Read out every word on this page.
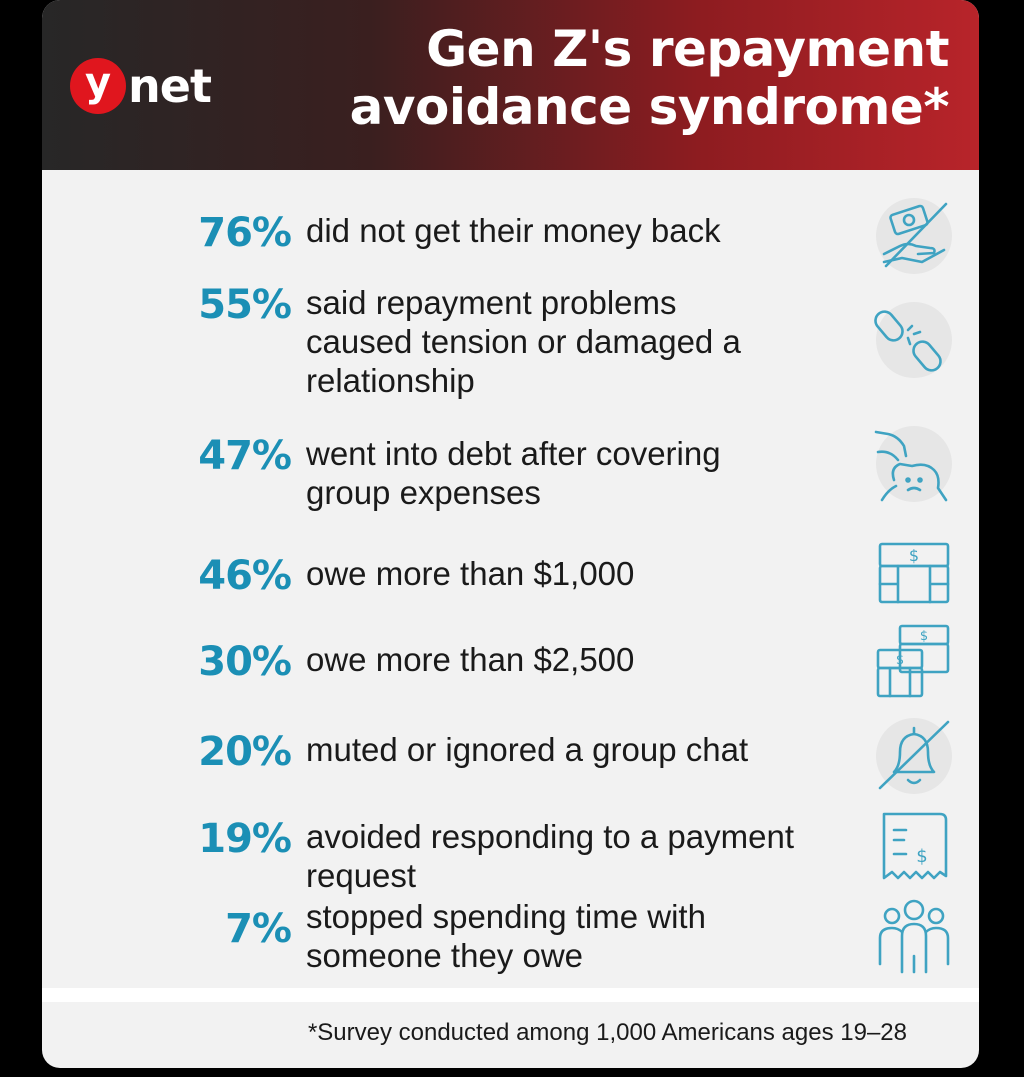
y net
Gen Z's repayment
avoidance syndrome*
76% did not get their money back
55% said repayment problems caused tension or damaged a relationship
47% went into debt after covering group expenses
46% owe more than $1,000	$
30% owe more than $2,500
$
$
20% muted or ignored a group chat
19% avoided responding to a payment request
$
7% stopped spending time with someone they owe
*Survey conducted among 1,000 Americans ages 19–28
